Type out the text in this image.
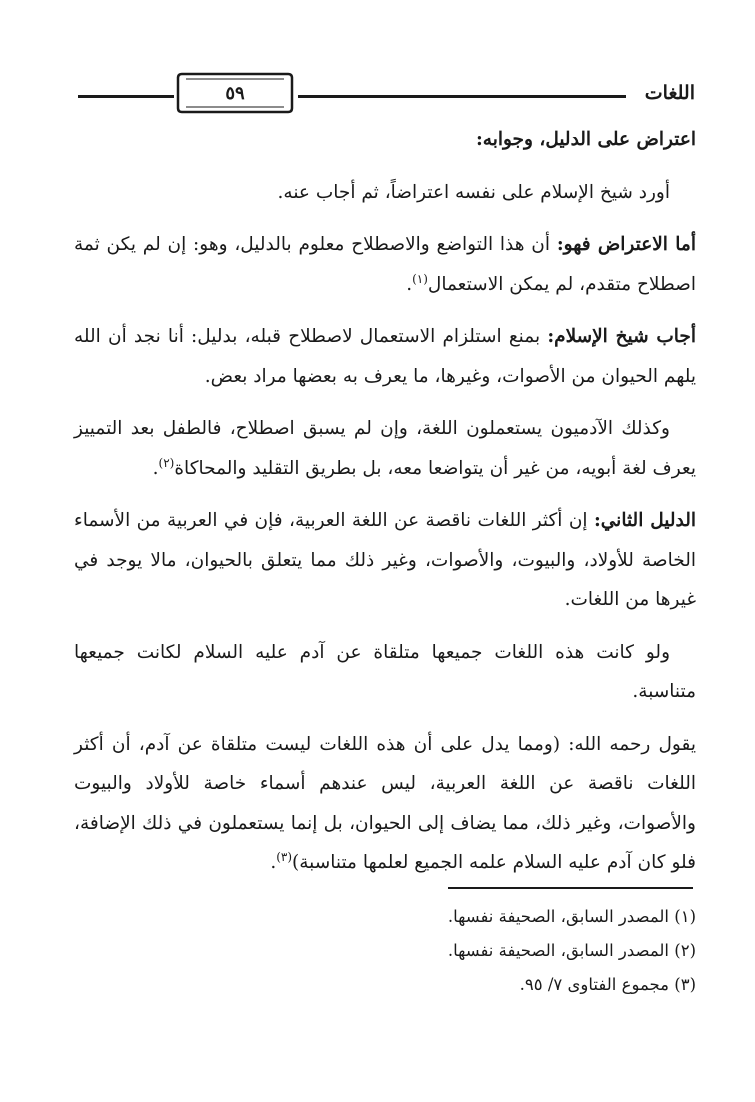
٥٩	اللغات

اعتراض على الدليل، وجوابه:

أورد شيخ الإسلام على نفسه اعتراضاً، ثم أجاب عنه.

أما الاعتراض فهو: أن هذا التواضع والاصطلاح معلوم بالدليل، وهو: إن لم يكن ثمة اصطلاح متقدم، لم يمكن الاستعمال$^{(١)}$.

أجاب شيخ الإسلام: بمنع استلزام الاستعمال لاصطلاح قبله، بدليل: أنا نجد أن الله يلهم الحيوان من الأصوات، وغيرها، ما يعرف به بعضها مراد بعض.

وكذلك الآدميون يستعملون اللغة، وإن لم يسبق اصطلاح، فالطفل بعد التمييز يعرف لغة أبويه، من غير أن يتواضعا معه، بل بطريق التقليد والمحاكاة$^{(٢)}$.

الدليل الثاني: إن أكثر اللغات ناقصة عن اللغة العربية، فإن في العربية من الأسماء الخاصة للأولاد، والبيوت، والأصوات، وغير ذلك مما يتعلق بالحيوان، مالا يوجد في غيرها من اللغات.

ولو كانت هذه اللغات جميعها متلقاة عن آدم عليه السلام لكانت جميعها متناسبة.

يقول رحمه الله: (ومما يدل على أن هذه اللغات ليست متلقاة عن آدم، أن أكثر اللغات ناقصة عن اللغة العربية، ليس عندهم أسماء خاصة للأولاد والبيوت والأصوات، وغير ذلك، مما يضاف إلى الحيوان، بل إنما يستعملون في ذلك الإضافة، فلو كان آدم عليه السلام علمه الجميع لعلمها متناسبة)$^{(٣)}$.

(١) المصدر السابق، الصحيفة نفسها.

(٢) المصدر السابق، الصحيفة نفسها.

(٣) مجموع الفتاوى ٧/ ٩٥.
